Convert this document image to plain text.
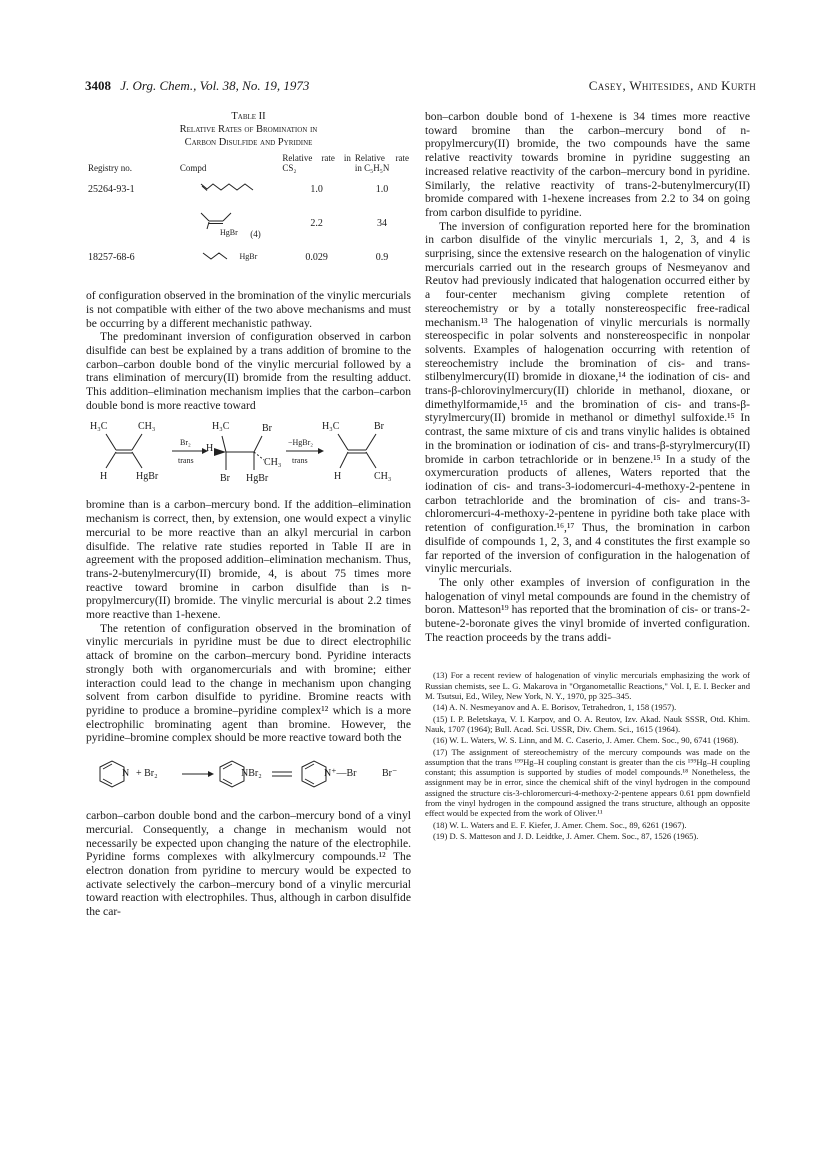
3408 J. Org. Chem., Vol. 38, No. 19, 1973	Casey, Whitesides, and Kurth
Table II
Relative Rates of Bromination in
Carbon Disulfide and Pyridine
Registry no.	Compd	Relative rate in CS₂	Relative rate in C₅H₅N
25264-93-1		1.0	1.0
	$^{HgBr}$ (4)	2.2	34
18257-68-6	$^{HgBr}$	0.029	0.9

of configuration observed in the bromination of the vinylic mercurials is not compatible with either of the two above mechanisms and must be occurring by a different mechanistic pathway.

The predominant inversion of configuration observed in carbon disulfide can best be explained by a trans addition of bromine to the carbon–carbon double bond of the vinylic mercurial followed by a trans elimination of mercury(II) bromide from the resulting adduct. This addition–elimination mechanism implies that the carbon–carbon double bond is more reactive toward

H₃C	CH₃
H	HgBr
Br₂
trans
H₃C	Br
H
CH₃
Br HgBr
−HgBr₂
trans
H₃C	Br
H	CH₃

bromine than is a carbon–mercury bond. If the addition–elimination mechanism is correct, then, by extension, one would expect a vinylic mercurial to be more reactive than an alkyl mercurial in carbon disulfide. The relative rate studies reported in Table II are in agreement with the proposed addition–elimination mechanism. Thus, trans-2-butenylmercury(II) bromide, 4, is about 75 times more reactive toward bromine in carbon disulfide than is n-propylmercury(II) bromide. The vinylic mercurial is about 2.2 times more reactive than 1-hexene.

The retention of configuration observed in the bromination of vinylic mercurials in pyridine must be due to direct electrophilic attack of bromine on the carbon–mercury bond. Pyridine interacts strongly both with organomercurials and with bromine; either interaction could lead to the change in mechanism upon changing solvent from carbon disulfide to pyridine. Bromine reacts with pyridine to produce a bromine–pyridine complex¹² which is a more electrophilic brominating agent than bromine. However, the pyridine–bromine complex should be more reactive toward both the

N + Br₂	NBr₂	N⁺—Br	Br⁻

carbon–carbon double bond and the carbon–mercury bond of a vinyl mercurial. Consequently, a change in mechanism would not necessarily be expected upon changing the nature of the electrophile. Pyridine forms complexes with alkylmercury compounds.¹² The electron donation from pyridine to mercury would be expected to activate selectively the carbon–mercury bond of a vinylic mercurial toward reaction with electrophiles. Thus, although in carbon disulfide the car-

bon–carbon double bond of 1-hexene is 34 times more reactive toward bromine than the carbon–mercury bond of n-propylmercury(II) bromide, the two compounds have the same relative reactivity towards bromine in pyridine suggesting an increased relative reactivity of the carbon–mercury bond in pyridine. Similarly, the relative reactivity of trans-2-butenylmercury(II) bromide compared with 1-hexene increases from 2.2 to 34 on going from carbon disulfide to pyridine.

The inversion of configuration reported here for the bromination in carbon disulfide of the vinylic mercurials 1, 2, 3, and 4 is surprising, since the extensive research on the halogenation of vinylic mercurials carried out in the research groups of Nesmeyanov and Reutov had previously indicated that halogenation occurred either by a four-center mechanism giving complete retention of stereochemistry or by a totally nonstereospecific free-radical mechanism.¹³ The halogenation of vinylic mercurials is normally stereospecific in polar solvents and nonstereospecific in nonpolar solvents. Examples of halogenation occurring with retention of stereochemistry include the bromination of cis- and trans-stilbenylmercury(II) bromide in dioxane,¹⁴ the iodination of cis- and trans-β-chlorovinylmercury(II) chloride in methanol, dioxane, or dimethylformamide,¹⁵ and the bromination of cis- and trans-β-styrylmercury(II) bromide in methanol or dimethyl sulfoxide.¹⁵ In contrast, the same mixture of cis and trans vinylic halides is obtained in the bromination or iodination of cis- and trans-β-styrylmercury(II) bromide in carbon tetrachloride or in benzene.¹⁵ In a study of the oxymercuration products of allenes, Waters reported that the iodination of cis- and trans-3-iodomercuri-4-methoxy-2-pentene in carbon tetrachloride and the bromination of cis- and trans-3-chloromercuri-4-methoxy-2-pentene in pyridine both take place with retention of configuration.¹⁶,¹⁷ Thus, the bromination in carbon disulfide of compounds 1, 2, 3, and 4 constitutes the first example so far reported of the inversion of configuration in the halogenation of vinylic mercurials.

The only other examples of inversion of configuration in the halogenation of vinyl metal compounds are found in the chemistry of boron. Matteson¹⁹ has reported that the bromination of cis- or trans-2-butene-2-boronate gives the vinyl bromide of inverted configuration. The reaction proceeds by the trans addi-

(13) For a recent review of halogenation of vinylic mercurials emphasizing the work of Russian chemists, see L. G. Makarova in "Organometallic Reactions," Vol. I, E. I. Becker and M. Tsutsui, Ed., Wiley, New York, N. Y., 1970, pp 325–345.
(14) A. N. Nesmeyanov and A. E. Borisov, Tetrahedron, 1, 158 (1957).
(15) I. P. Beletskaya, V. I. Karpov, and O. A. Reutov, Izv. Akad. Nauk SSSR, Otd. Khim. Nauk, 1707 (1964); Bull. Acad. Sci. USSR, Div. Chem. Sci., 1615 (1964).
(16) W. L. Waters, W. S. Linn, and M. C. Caserio, J. Amer. Chem. Soc., 90, 6741 (1968).
(17) The assignment of stereochemistry of the mercury compounds was made on the assumption that the trans ¹⁹⁹Hg–H coupling constant is greater than the cis ¹⁹⁹Hg–H coupling constant; this assumption is supported by studies of model compounds.¹⁸ Nonetheless, the assignment may be in error, since the chemical shift of the vinyl hydrogen in the compound assigned the structure cis-3-chloromercuri-4-methoxy-2-pentene appears 0.61 ppm downfield from the vinyl hydrogen in the compound assigned the trans structure, although an opposite effect would be expected from the work of Oliver.¹¹
(18) W. L. Waters and E. F. Kiefer, J. Amer. Chem. Soc., 89, 6261 (1967).
(19) D. S. Matteson and J. D. Leidtke, J. Amer. Chem. Soc., 87, 1526 (1965).
